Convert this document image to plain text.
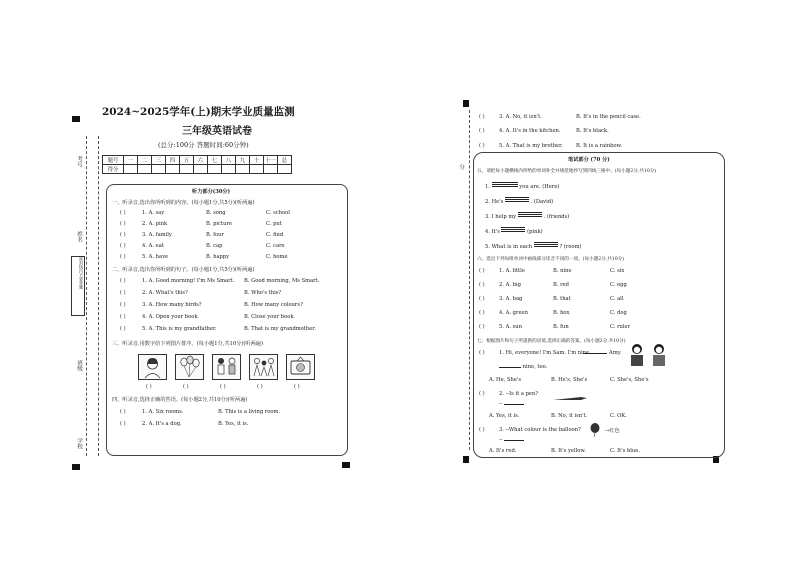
2024~2025学年(上)期末学业质量监测
三年级英语试卷
(总分:100分 答题时间:60分钟)
题号	一	二	三	四	五	六	七	八	九	十	十一	总
得分												
听力部分(30分)
一、听录音,选出你所听到的内容。(每小题1分,共5分)(听两遍)
( )	1. A. say	B. song	C. school
( )	2. A. pink	B. picture	C. put
( )	3. A. family	B. four	C. find
( )	4. A. eat	B. cap	C. care
( )	5. A. have	B. happy	C. home
二、听录音,选出你所听到的句子。(每小题1分,共5分)(听两遍)
( )	1. A. Good morning! I'm Ms Smart. B. Good morning, Ms Smart.
( )	2. A. What's this?	B. Who's this?
( )	3. A. How many birds?	B. How many colours?
( )	4. A. Open your book.	B. Close your book.
( )	5. A. This is my grandfather.	B. That is my grandmother.
三、听录音,用数字给下列图片排序。(每小题1分,共10分)(听两遍)
( )	( )	( )	( )	( )
四、听录音,选择正确的答语。(每小题2分,共10分)(听两遍)
( )	1. A. Six rooms.	B. This is a living room.
( )	2. A. It's a dog.	B. Yes, it is.
考号
姓名
密封线内不要答题
班级
学校
分
( )	3. A. No, it isn't.	B. It's in the pencil case.
( )	4. A. It's in the kitchen.	B. It's black.
( )	5. A. That is my brother.	B. It is a rainbow.
笔试部分 (70 分)
五、请把每小题横线内所给的单词补全并规范地抄写到四线三格中。(每小题2分,共10分)
1.	you are. (Here)
2. He's	. (David)
3. I help my	. (friends)
4. It's	(pink)
5. What is in each	? (room)
六、选出下列每组单词中画线部分读音不同的一项。(每小题2分,共10分)
( )	1. A. little	B. nine	C. six
( )	2. A. big	B. red	C. egg
( )	3. A. bag	B. that	C. all
( )	4. A. green	B. box	C. dog
( )	5. A. sun	B. fun	C. ruler
七、根据图片和句子所提供的语境,选择正确的答案。(每小题2分,共10分)
( )	1. Hi, everyone! I'm Sam. I'm nine.	Amy.
nine, too.
A. He, She's	B. He's, She's	C. She's, She's
( )	2. --Is it a pen?
--
A. Yes, it is.	B. No, it isn't.	C. OK.
( )	3. --What colour is the balloon?	→红色
--
A. It's red.	B. It's yellow.	C. It's blue.
